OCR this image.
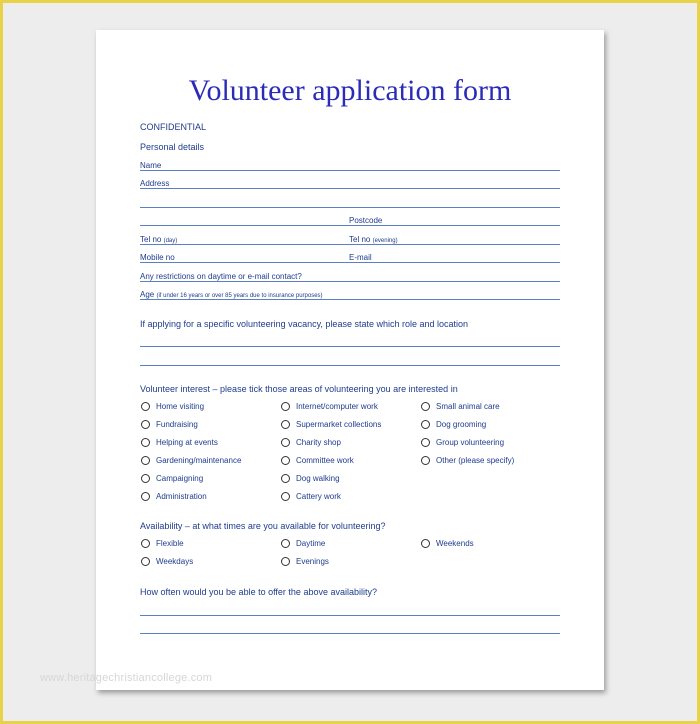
Volunteer application form
CONFIDENTIAL
Personal details
Name
Address
Postcode
Tel no (day)	Tel no (evening)
Mobile no	E-mail
Any restrictions on daytime or e-mail contact?
Age (if under 16 years or over 85 years due to insurance purposes)
If applying for a specific volunteering vacancy, please state which role and location
Volunteer interest – please tick those areas of volunteering you are interested in
Home visiting
Fundraising
Helping at events
Gardening/maintenance
Campaigning
Administration
Internet/computer work
Supermarket collections
Charity shop
Committee work
Dog walking
Cattery work
Small animal care
Dog grooming
Group volunteering
Other (please specify)
Availability – at what times are you available for volunteering?
Flexible
Weekdays
Daytime
Evenings
Weekends
How often would you be able to offer the above availability?
www.heritagechristiancollege.com
